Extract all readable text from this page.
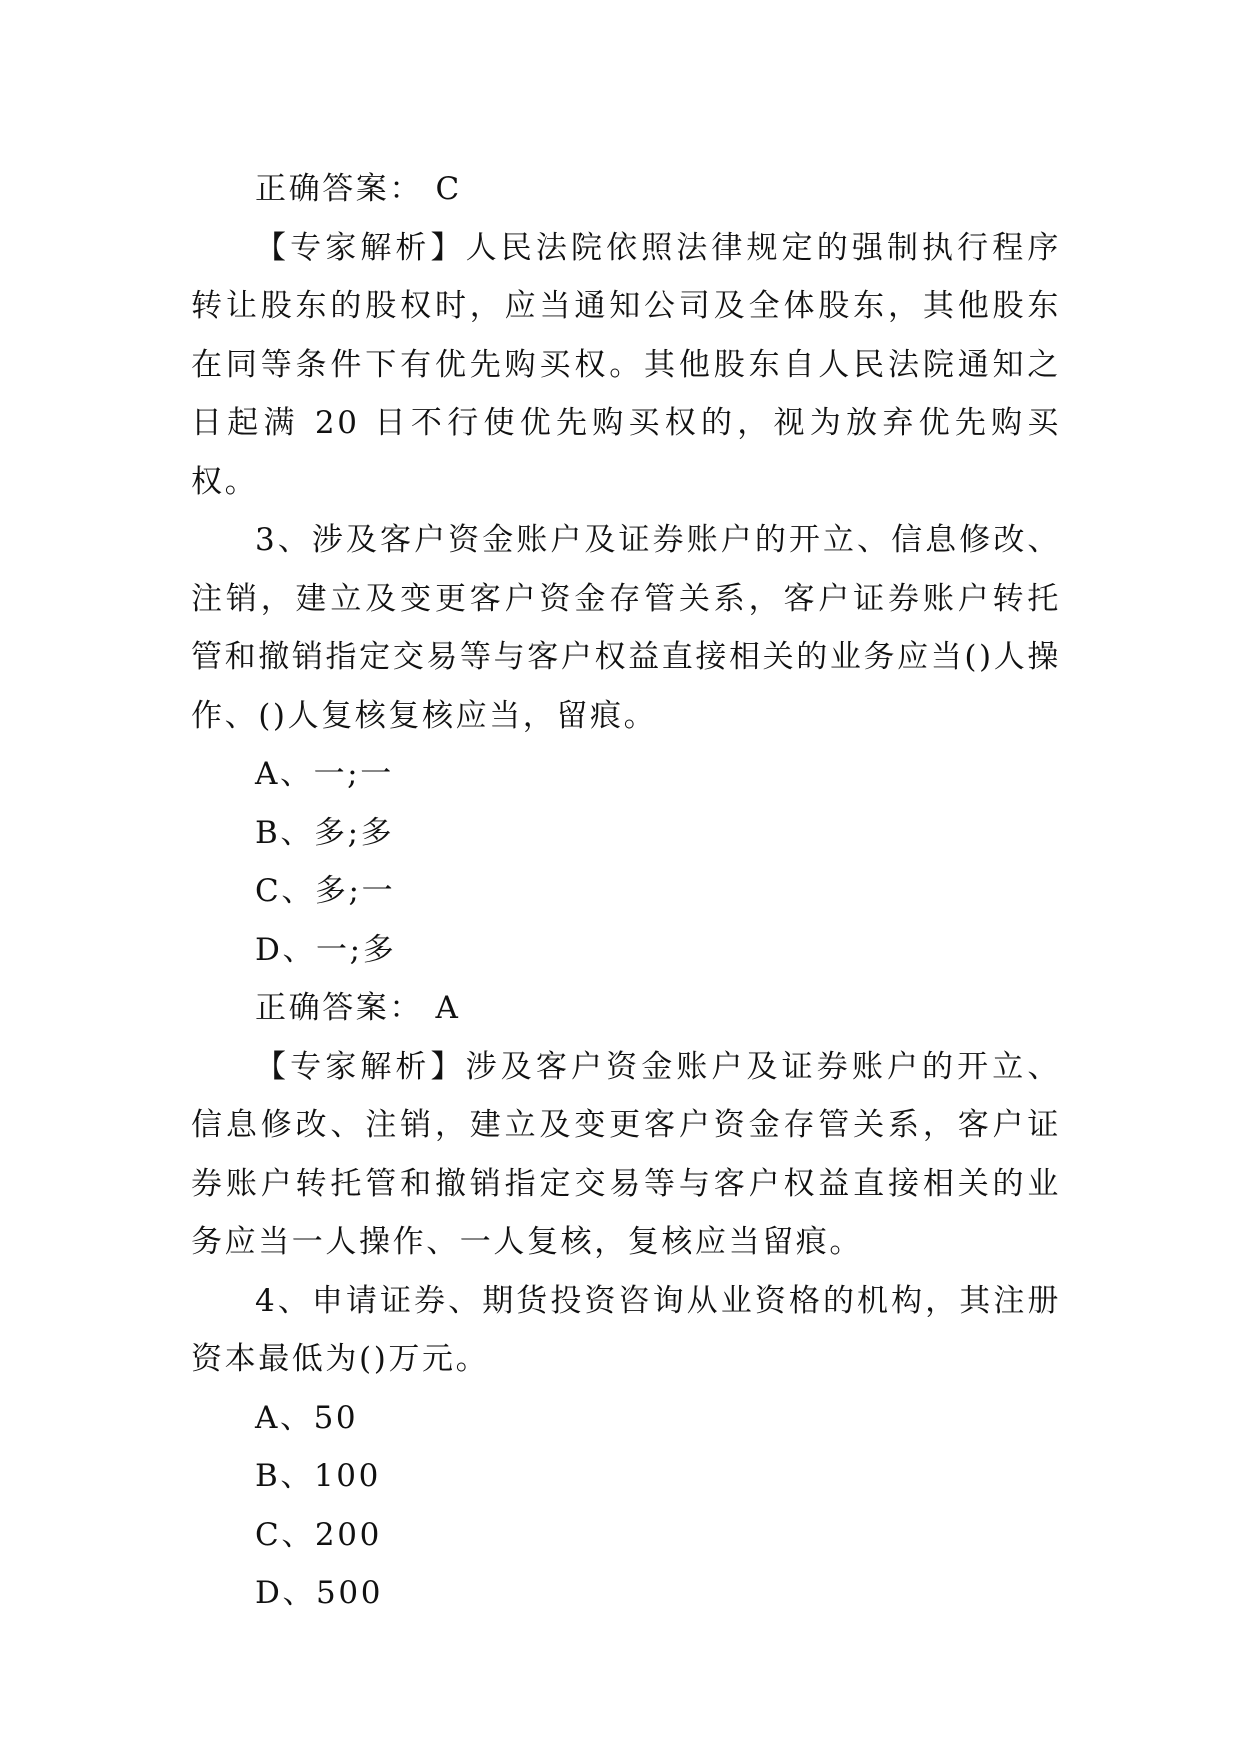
正确答案： C

【专家解析】人民法院依照法律规定的强制执行程序转让股东的股权时，应当通知公司及全体股东，其他股东在同等条件下有优先购买权。其他股东自人民法院通知之日起满 20 日不行使优先购买权的，视为放弃优先购买权。

3、涉及客户资金账户及证券账户的开立、信息修改、注销，建立及变更客户资金存管关系，客户证券账户转托管和撤销指定交易等与客户权益直接相关的业务应当()人操作、()人复核复核应当，留痕。

A、一;一

B、多;多

C、多;一

D、一;多

正确答案： A

【专家解析】涉及客户资金账户及证券账户的开立、信息修改、注销，建立及变更客户资金存管关系，客户证券账户转托管和撤销指定交易等与客户权益直接相关的业务应当一人操作、一人复核，复核应当留痕。

4、申请证券、期货投资咨询从业资格的机构，其注册资本最低为()万元。

A、50

B、100

C、200

D、500
